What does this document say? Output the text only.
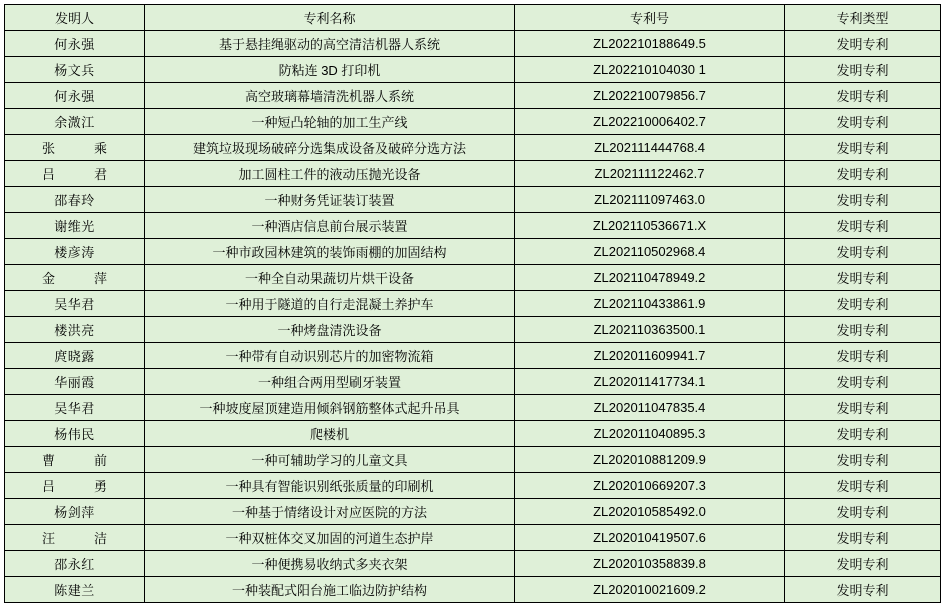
发明人	专利名称	专利号	专利类型
何永强	基于悬挂绳驱动的高空清洁机器人系统	ZL202210188649.5	发明专利
杨文兵	防粘连 3D 打印机	ZL202210104030 1	发明专利
何永强	高空玻璃幕墙清洗机器人系统	ZL202210079856.7	发明专利
余溦江	一种短凸轮轴的加工生产线	ZL202210006402.7	发明专利
张乘	建筑垃圾现场破碎分选集成设备及破碎分选方法	ZL202111444768.4	发明专利
吕君	加工圆柱工件的液动压抛光设备	ZL202111122462.7	发明专利
邵春玲	一种财务凭证装订装置	ZL202111097463.0	发明专利
谢维光	一种酒店信息前台展示装置	ZL202110536671.X	发明专利
楼彦涛	一种市政园林建筑的装饰雨棚的加固结构	ZL202110502968.4	发明专利
金萍	一种全自动果蔬切片烘干设备	ZL202110478949.2	发明专利
吴华君	一种用于隧道的自行走混凝土养护车	ZL202110433861.9	发明专利
楼洪亮	一种烤盘清洗设备	ZL202110363500.1	发明专利
庹晓露	一种带有自动识别芯片的加密物流箱	ZL202011609941.7	发明专利
华丽霞	一种组合两用型刷牙装置	ZL202011417734.1	发明专利
吴华君	一种坡度屋顶建造用倾斜钢筋整体式起升吊具	ZL202011047835.4	发明专利
杨伟民	爬楼机	ZL202011040895.3	发明专利
曹前	一种可辅助学习的儿童文具	ZL202010881209.9	发明专利
吕勇	一种具有智能识别纸张质量的印刷机	ZL202010669207.3	发明专利
杨剑萍	一种基于情绪设计对应医院的方法	ZL202010585492.0	发明专利
汪洁	一种双桩体交叉加固的河道生态护岸	ZL202010419507.6	发明专利
邵永红	一种便携易收纳式多夹衣架	ZL202010358839.8	发明专利
陈建兰	一种装配式阳台施工临边防护结构	ZL202010021609.2	发明专利
